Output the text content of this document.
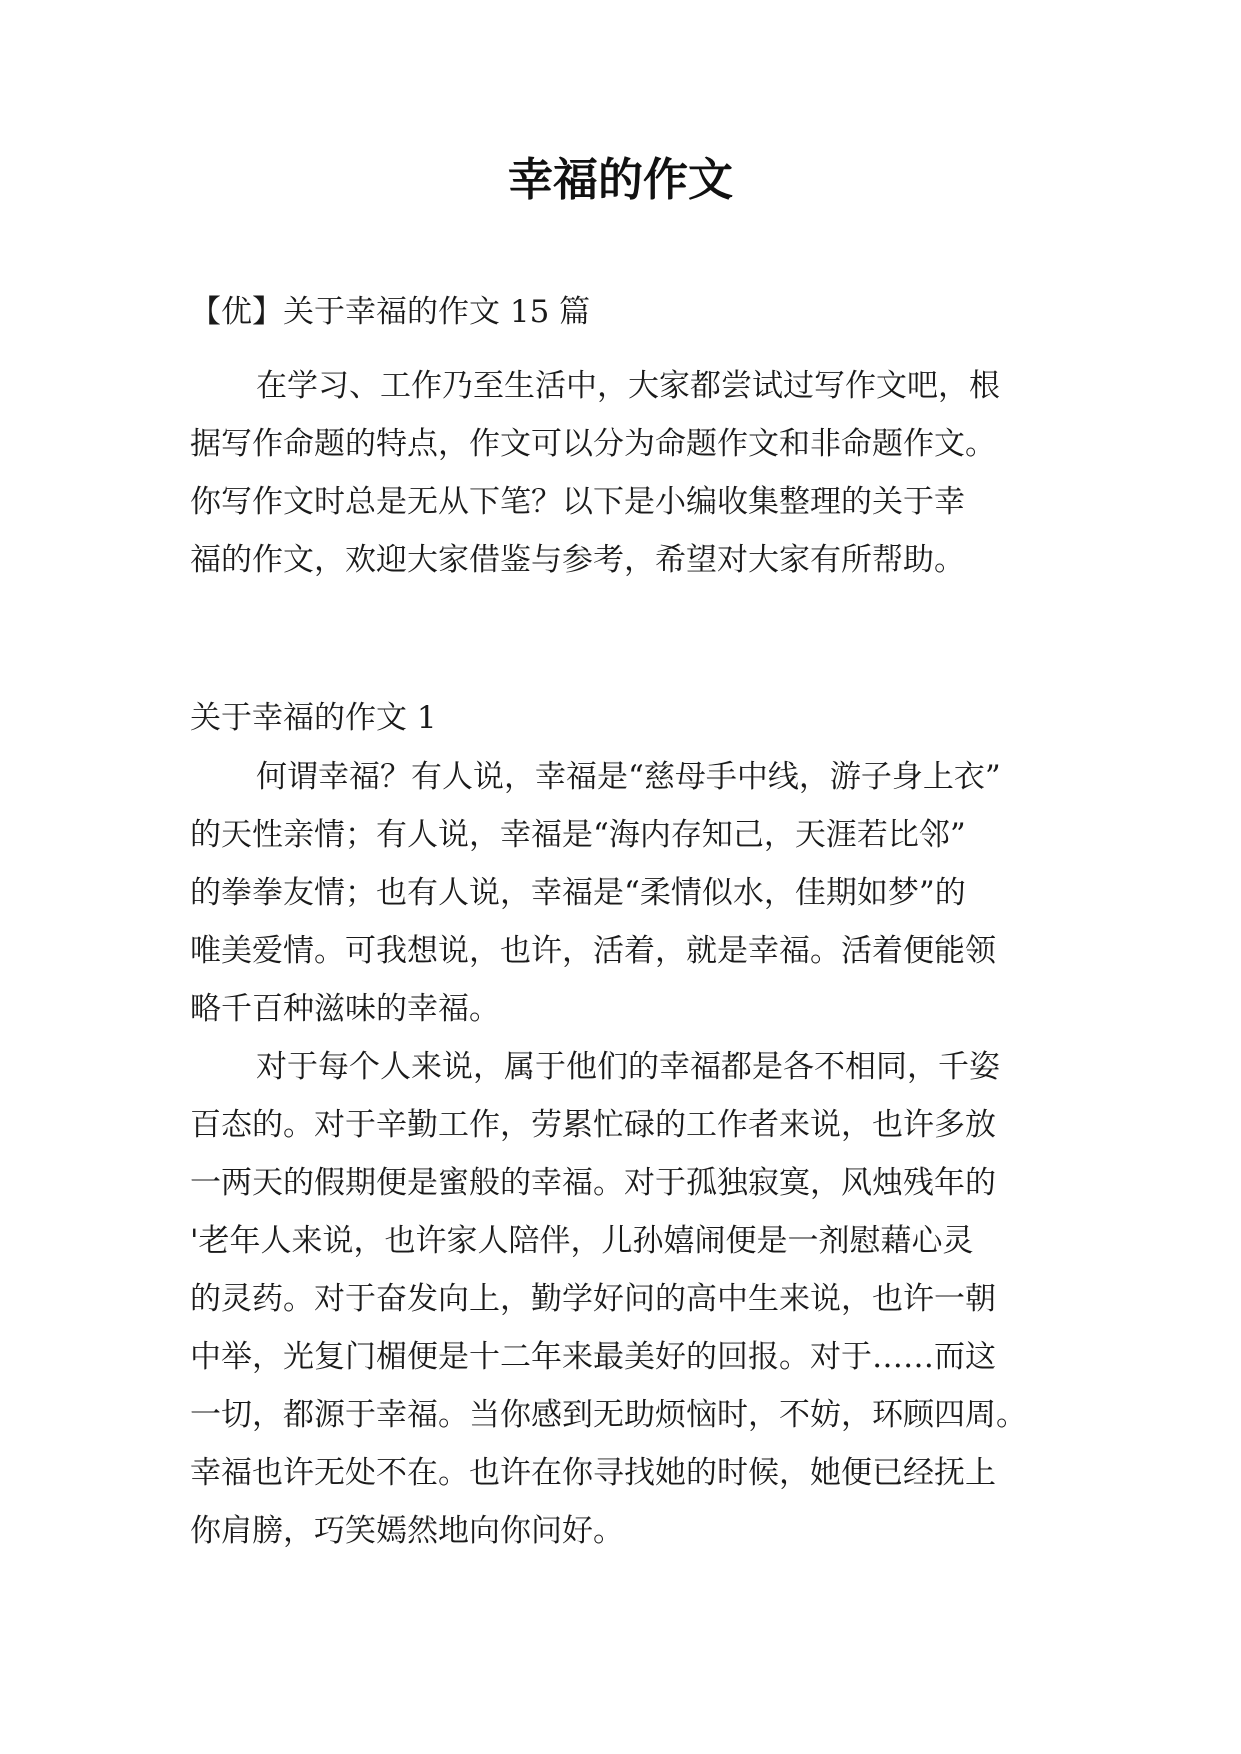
幸福的作文

【优】关于幸福的作文 15 篇

在学习、工作乃至生活中，大家都尝试过写作文吧，根
据写作命题的特点，作文可以分为命题作文和非命题作文。
你写作文时总是无从下笔？以下是小编收集整理的关于幸
福的作文，欢迎大家借鉴与参考，希望对大家有所帮助。

关于幸福的作文 1

何谓幸福？有人说，幸福是“慈母手中线，游子身上衣”
的天性亲情；有人说，幸福是“海内存知己，天涯若比邻”
的拳拳友情；也有人说，幸福是“柔情似水，佳期如梦”的
唯美爱情。可我想说，也许，活着，就是幸福。活着便能领
略千百种滋味的幸福。
对于每个人来说，属于他们的幸福都是各不相同，千姿
百态的。对于辛勤工作，劳累忙碌的工作者来说，也许多放
一两天的假期便是蜜般的幸福。对于孤独寂寞，风烛残年的
'老年人来说，也许家人陪伴，儿孙嬉闹便是一剂慰藉心灵
的灵药。对于奋发向上，勤学好问的高中生来说，也许一朝
中举，光复门楣便是十二年来最美好的回报。对于……而这
一切，都源于幸福。当你感到无助烦恼时，不妨，环顾四周。
幸福也许无处不在。也许在你寻找她的时候，她便已经抚上
你肩膀，巧笑嫣然地向你问好。
